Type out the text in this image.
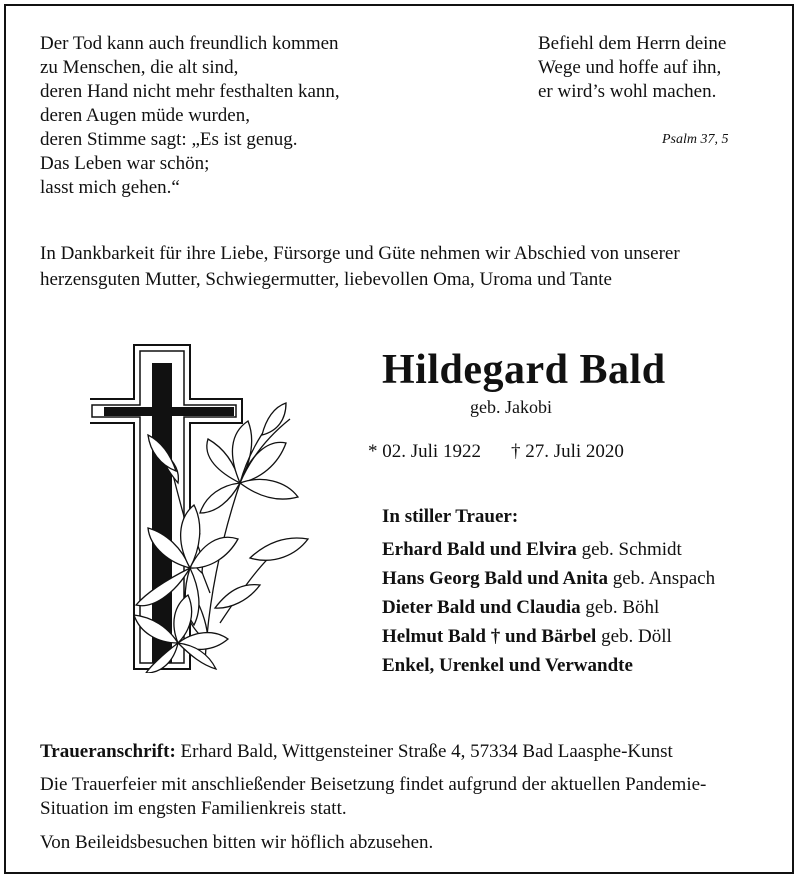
Der Tod kann auch freundlich kommen
zu Menschen, die alt sind,
deren Hand nicht mehr festhalten kann,
deren Augen müde wurden,
deren Stimme sagt: „Es ist genug.
Das Leben war schön;
lasst mich gehen.“
Befiehl dem Herrn deine
Wege und hoffe auf ihn,
er wird’s wohl machen.
Psalm 37, 5
In Dankbarkeit für ihre Liebe, Fürsorge und Güte nehmen wir Abschied von unserer
herzensguten Mutter, Schwiegermutter, liebevollen Oma, Uroma und Tante
Hildegard Bald
geb. Jakobi
* 02. Juli 1922 † 27. Juli 2020
In stiller Trauer:
Erhard Bald und Elvira geb. Schmidt
Hans Georg Bald und Anita geb. Anspach
Dieter Bald und Claudia geb. Böhl
Helmut Bald † und Bärbel geb. Döll
Enkel, Urenkel und Verwandte
Traueranschrift: Erhard Bald, Wittgensteiner Straße 4, 57334 Bad Laasphe-Kunst
Die Trauerfeier mit anschließender Beisetzung findet aufgrund der aktuellen Pandemie-
Situation im engsten Familienkreis statt.
Von Beileidsbesuchen bitten wir höflich abzusehen.
